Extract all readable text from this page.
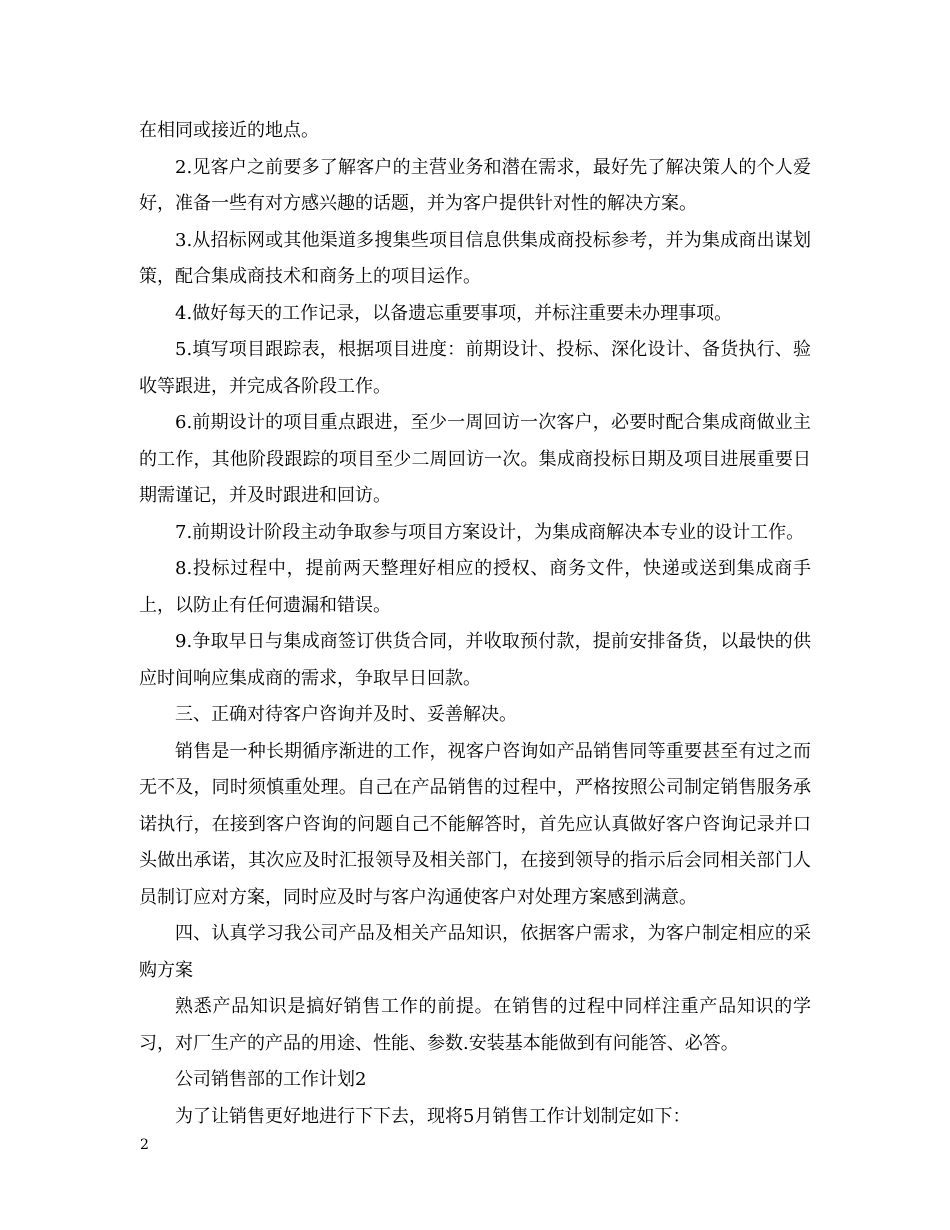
在相同或接近的地点。

2.见客户之前要多了解客户的主营业务和潜在需求，最好先了解决策人的个人爱好，准备一些有对方感兴趣的话题，并为客户提供针对性的解决方案。

3.从招标网或其他渠道多搜集些项目信息供集成商投标参考，并为集成商出谋划策，配合集成商技术和商务上的项目运作。

4.做好每天的工作记录，以备遗忘重要事项，并标注重要未办理事项。

5.填写项目跟踪表，根据项目进度：前期设计、投标、深化设计、备货执行、验收等跟进，并完成各阶段工作。

6.前期设计的项目重点跟进，至少一周回访一次客户，必要时配合集成商做业主的工作，其他阶段跟踪的项目至少二周回访一次。集成商投标日期及项目进展重要日期需谨记，并及时跟进和回访。

7.前期设计阶段主动争取参与项目方案设计，为集成商解决本专业的设计工作。

8.投标过程中，提前两天整理好相应的授权、商务文件，快递或送到集成商手上，以防止有任何遗漏和错误。

9.争取早日与集成商签订供货合同，并收取预付款，提前安排备货，以最快的供应时间响应集成商的需求，争取早日回款。

三、正确对待客户咨询并及时、妥善解决。

销售是一种长期循序渐进的工作，视客户咨询如产品销售同等重要甚至有过之而无不及，同时须慎重处理。自己在产品销售的过程中，严格按照公司制定销售服务承诺执行，在接到客户咨询的问题自己不能解答时，首先应认真做好客户咨询记录并口头做出承诺，其次应及时汇报领导及相关部门，在接到领导的指示后会同相关部门人员制订应对方案，同时应及时与客户沟通使客户对处理方案感到满意。

四、认真学习我公司产品及相关产品知识，依据客户需求，为客户制定相应的采购方案

熟悉产品知识是搞好销售工作的前提。在销售的过程中同样注重产品知识的学习，对厂生产的产品的用途、性能、参数.安装基本能做到有问能答、必答。

公司销售部的工作计划2

为了让销售更好地进行下下去，现将5月销售工作计划制定如下：

2
